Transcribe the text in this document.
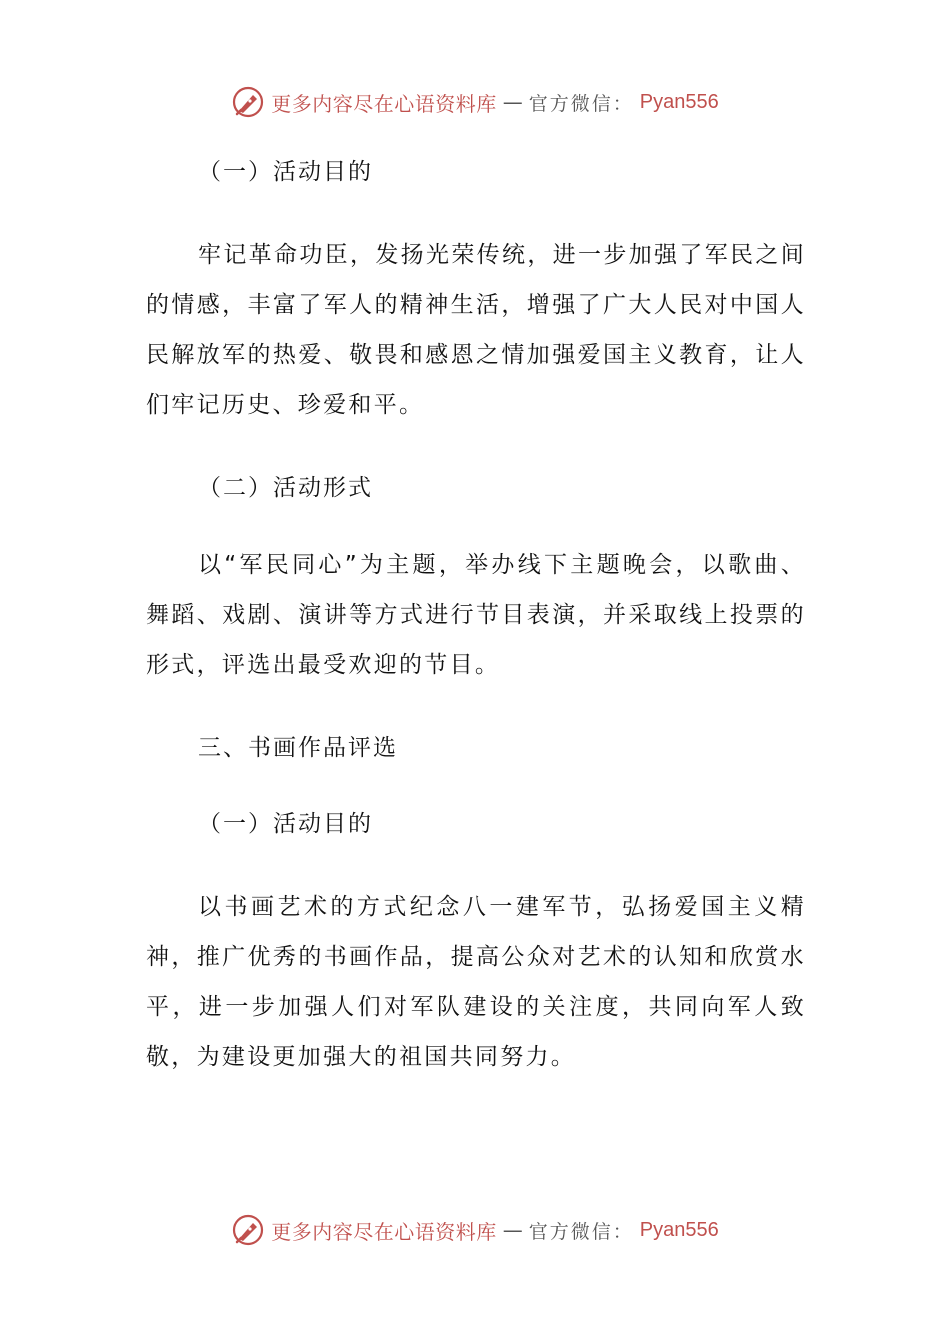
更多内容尽在心语资料库 — 官方微信： Pyan556

（一）活动目的

牢记革命功臣，发扬光荣传统，进一步加强了军民之间的情感，丰富了军人的精神生活，增强了广大人民对中国人民解放军的热爱、敬畏和感恩之情加强爱国主义教育，让人们牢记历史、珍爱和平。

（二）活动形式

以“军民同心”为主题，举办线下主题晚会，以歌曲、舞蹈、戏剧、演讲等方式进行节目表演，并采取线上投票的形式，评选出最受欢迎的节目。

三、书画作品评选

（一）活动目的

以书画艺术的方式纪念八一建军节，弘扬爱国主义精神，推广优秀的书画作品，提高公众对艺术的认知和欣赏水平，进一步加强人们对军队建设的关注度，共同向军人致敬，为建设更加强大的祖国共同努力。

更多内容尽在心语资料库 — 官方微信： Pyan556
